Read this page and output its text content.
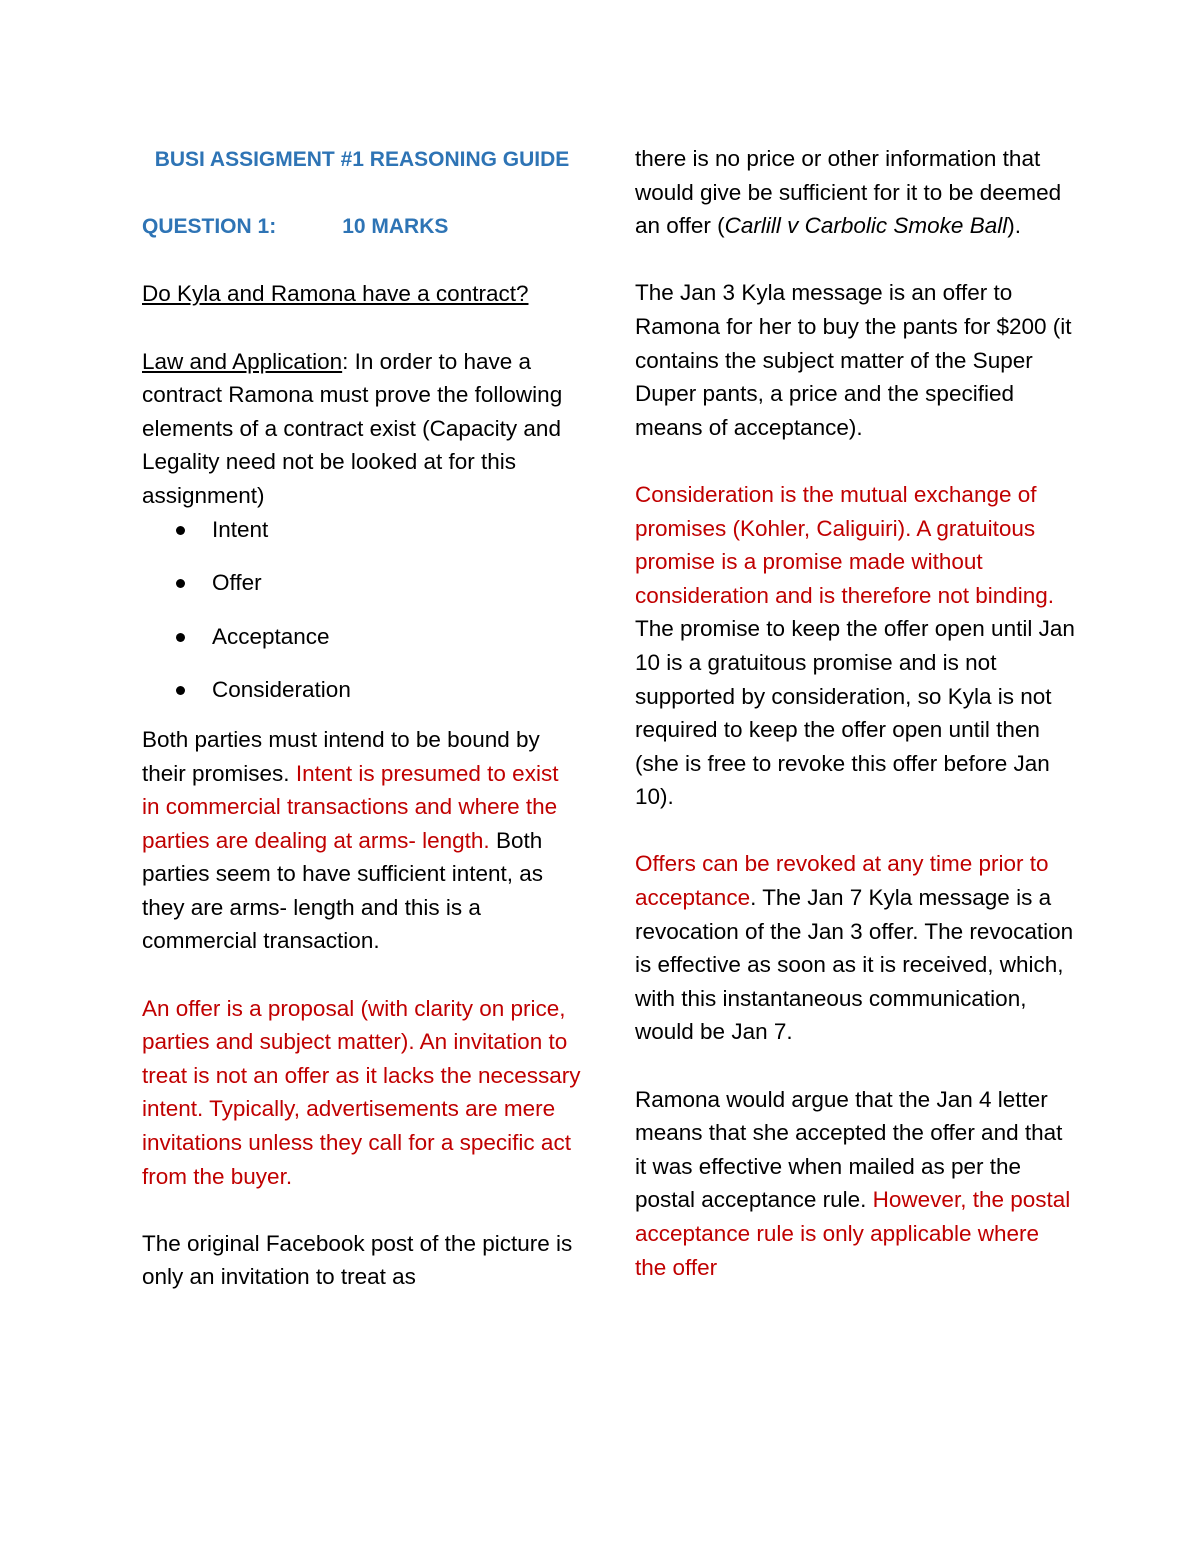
BUSI ASSIGMENT #1 REASONING GUIDE

QUESTION 1:	10 MARKS

Do Kyla and Ramona have a contract?

Law and Application: In order to have a contract Ramona must prove the following elements of a contract exist (Capacity and Legality need not be looked at for this assignment)

Intent
Offer
Acceptance
Consideration

Both parties must intend to be bound by their promises. Intent is presumed to exist in commercial transactions and where the parties are dealing at arms- length. Both parties seem to have sufficient intent, as they are arms- length and this is a commercial transaction.

An offer is a proposal (with clarity on price, parties and subject matter). An invitation to treat is not an offer as it lacks the necessary intent. Typically, advertisements are mere invitations unless they call for a specific act from the buyer.

The original Facebook post of the picture is only an invitation to treat as

there is no price or other information that would give be sufficient for it to be deemed an offer (Carlill v Carbolic Smoke Ball).

The Jan 3 Kyla message is an offer to Ramona for her to buy the pants for $200 (it contains the subject matter of the Super Duper pants, a price and the specified means of acceptance).

Consideration is the mutual exchange of promises (Kohler, Caliguiri). A gratuitous promise is a promise made without consideration and is therefore not binding. The promise to keep the offer open until Jan 10 is a gratuitous promise and is not supported by consideration, so Kyla is not required to keep the offer open until then (she is free to revoke this offer before Jan 10).

Offers can be revoked at any time prior to acceptance. The Jan 7 Kyla message is a revocation of the Jan 3 offer. The revocation is effective as soon as it is received, which, with this instantaneous communication, would be Jan 7.

Ramona would argue that the Jan 4 letter means that she accepted the offer and that it was effective when mailed as per the postal acceptance rule. However, the postal acceptance rule is only applicable where the offer
